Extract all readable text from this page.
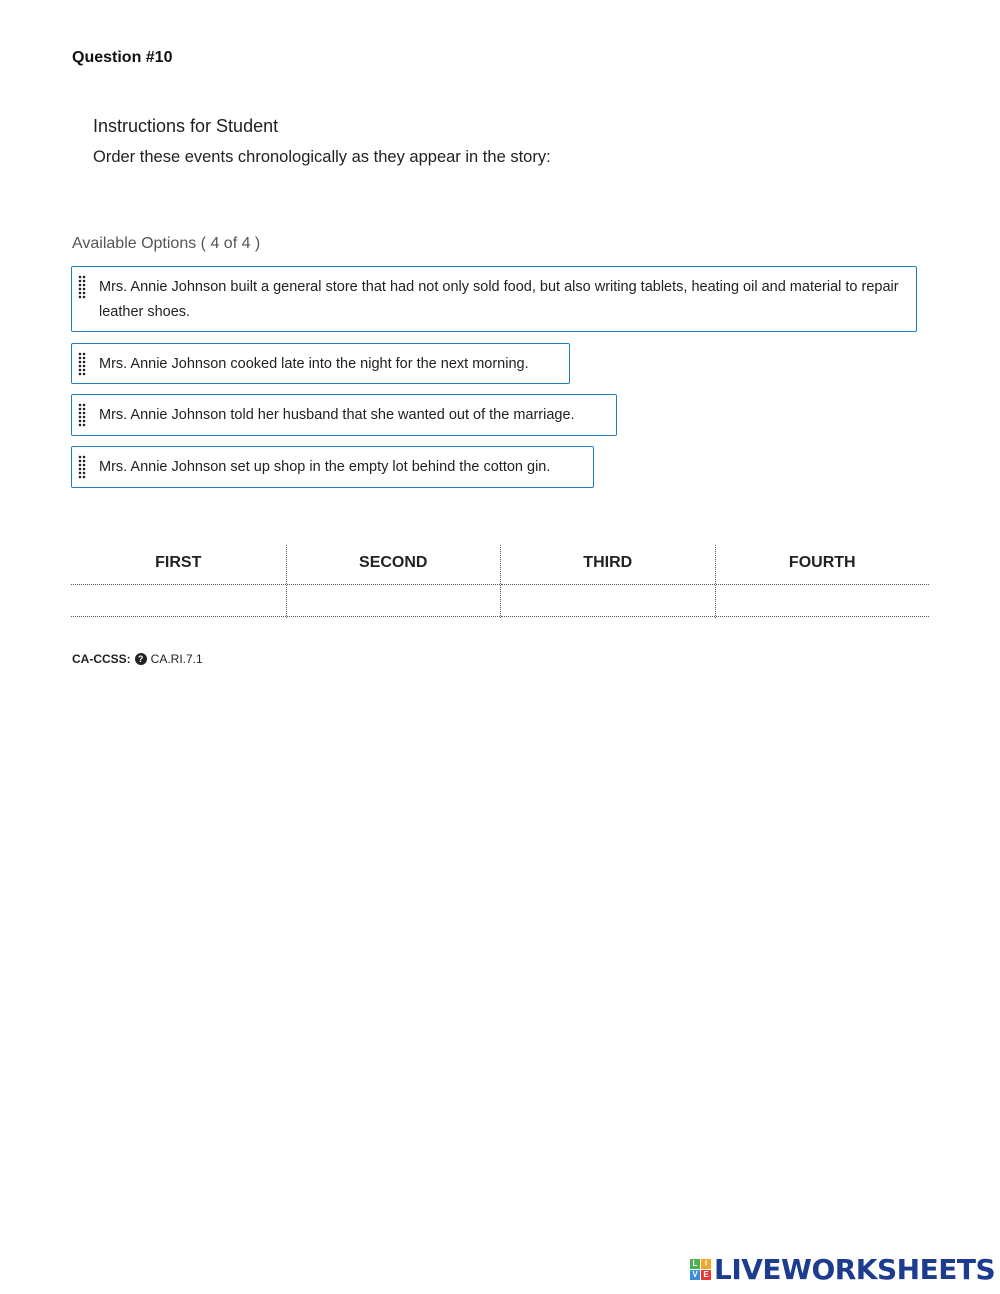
Question #10
Instructions for Student
Order these events chronologically as they appear in the story:
Available Options ( 4 of 4 )
Mrs. Annie Johnson built a general store that had not only sold food, but also writing tablets, heating oil and material to repair leather shoes.
Mrs. Annie Johnson cooked late into the night for the next morning.
Mrs. Annie Johnson told her husband that she wanted out of the marriage.
Mrs. Annie Johnson set up shop in the empty lot behind the cotton gin.
FIRST	SECOND	THIRD	FOURTH
CA-CCSS: ? CA.RI.7.1
L I
V E LIVEWORKSHEETS
